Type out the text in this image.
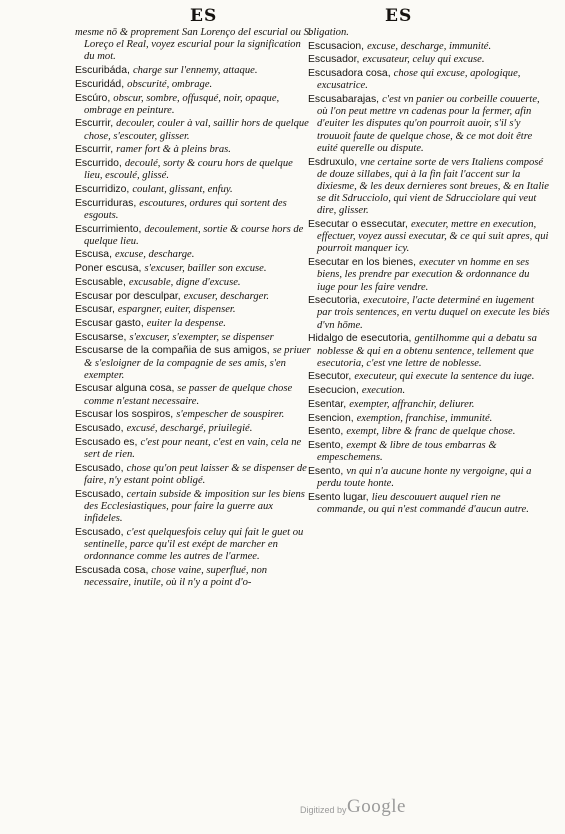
ES	ES

mesme nō & proprement San Lorenço del escurial ou S. Loreço el Real, voyez escurial pour la signification du mot.

Escuribáda, charge sur l'ennemy, attaque.

Escuridád, obscurité, ombrage.

Escúro, obscur, sombre, offusqué, noir, opaque, ombrage en peinture.

Escurrir, decouler, couler à val, saillir hors de quelque chose, s'escouter, glisser.

Escurrir, ramer fort & à pleins bras.

Escurrido, decoulé, sorty & couru hors de quelque lieu, escoulé, glissé.

Escurridizo, coulant, glissant, enfuy.

Escurriduras, escoutures, ordures qui sortent des esgouts.

Escurrimiento, decoulement, sortie & course hors de quelque lieu.

Escusa, excuse, descharge.

Poner escusa, s'excuser, bailler son excuse.

Escusable, excusable, digne d'excuse.

Escusar por desculpar, excuser, descharger.

Escusar, espargner, euiter, dispenser.

Escusar gasto, euiter la despense.

Escusarse, s'excuser, s'exempter, se dispenser

Escusarse de la compañia de sus amigos, se priuer & s'esloigner de la compagnie de ses amis, s'en exempter.

Escusar alguna cosa, se passer de quelque chose comme n'estant necessaire.

Escusar los sospiros, s'empescher de souspirer.

Escusado, excusé, deschargé, priuilegié.

Escusado es, c'est pour neant, c'est en vain, cela ne sert de rien.

Escusado, chose qu'on peut laisser & se dispenser de faire, n'y estant point obligé.

Escusado, certain subside & imposition sur les biens des Ecclesiastiques, pour faire la guerre aux infideles.

Escusado, c'est quelquesfois celuy qui fait le guet ou sentinelle, parce qu'il est exépt de marcher en ordonnance comme les autres de l'armee.

Escusada cosa, chose vaine, superflué, non necessaire, inutile, où il n'y a point d'o-

bligation.

Escusacion, excuse, descharge, immunité.

Escusador, excusateur, celuy qui excuse.

Escusadora cosa, chose qui excuse, apologique, excusatrice.

Escusabarajas, c'est vn panier ou corbeille couuerte, où l'on peut mettre vn cadenas pour la fermer, afin d'euiter les disputes qu'on pourroit auoir, s'il s'y trouuoit faute de quelque chose, & ce mot doit être euité querelle ou dispute.

Esdruxulo, vne certaine sorte de vers Italiens composé de douze sillabes, qui à la fin fait l'accent sur la dixiesme, & les deux dernieres sont breues, & en Italie se dit Sdrucciolo, qui vient de Sdrucciolare qui veut dire, glisser.

Esecutar o essecutar, executer, mettre en execution, effectuer, voyez aussi executar, & ce qui suit apres, qui pourroit manquer icy.

Esecutar en los bienes, executer vn homme en ses biens, les prendre par execution & ordonnance du iuge pour les faire vendre.

Esecutoria, executoire, l'acte determiné en iugement par trois sentences, en vertu duquel on execute les biés d'vn hōme.

Hidalgo de esecutoria, gentilhomme qui a debatu sa noblesse & qui en a obtenu sentence, tellement que esecutoria, c'est vne lettre de noblesse.

Esecutor, executeur, qui execute la sentence du iuge.

Esecucion, execution.

Esentar, exempter, affranchir, deliurer.

Esencion, exemption, franchise, immunité.

Esento, exempt, libre & franc de quelque chose.

Esento, exempt & libre de tous embarras & empeschemens.

Esento, vn qui n'a aucune honte ny vergoigne, qui a perdu toute honte.

Esento lugar, lieu descouuert auquel rien ne commande, ou qui n'est commandé d'aucun autre.

Digitized by Google
